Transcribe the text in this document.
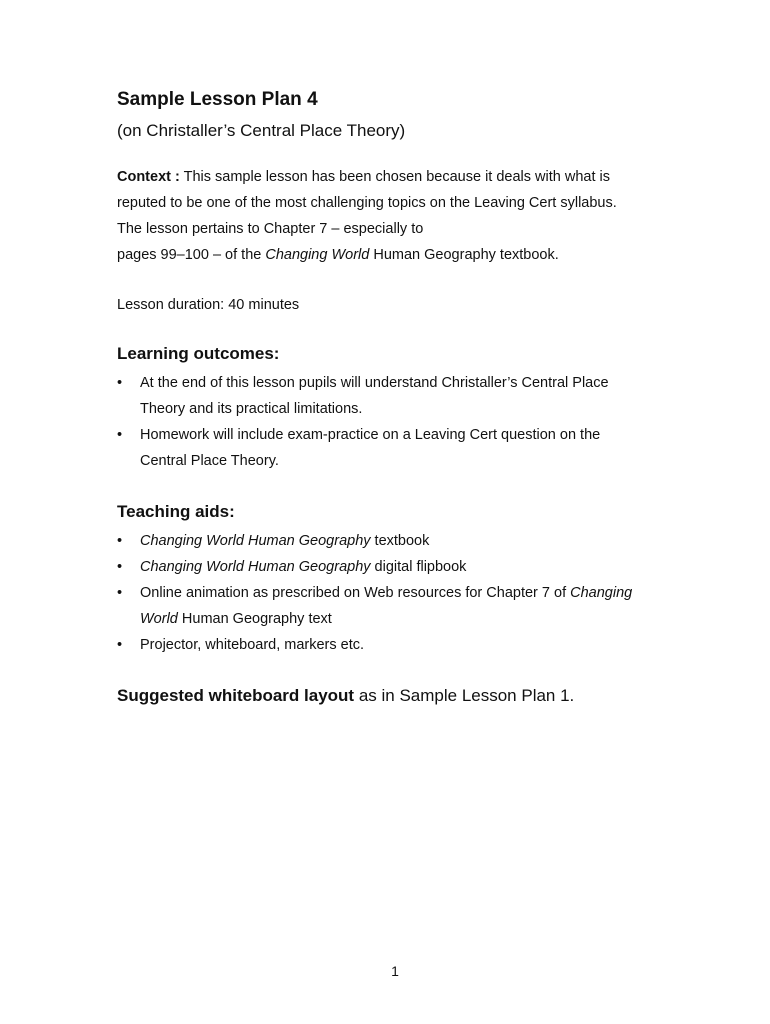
Sample Lesson Plan 4

(on Christaller’s Central Place Theory)

Context : This sample lesson has been chosen because it deals with what is
reputed to be one of the most challenging topics on the Leaving Cert syllabus.
The lesson pertains to Chapter 7 – especially to
pages 99–100 – of the Changing World Human Geography textbook.

Lesson duration: 40 minutes

Learning outcomes:
• At the end of this lesson pupils will understand Christaller’s Central Place
Theory and its practical limitations.
• Homework will include exam-practice on a Leaving Cert question on the
Central Place Theory.
Teaching aids:
• Changing World Human Geography textbook
• Changing World Human Geography digital flipbook
• Online animation as prescribed on Web resources for Chapter 7 of Changing
World Human Geography text
• Projector, whiteboard, markers etc.

Suggested whiteboard layout as in Sample Lesson Plan 1.

1
